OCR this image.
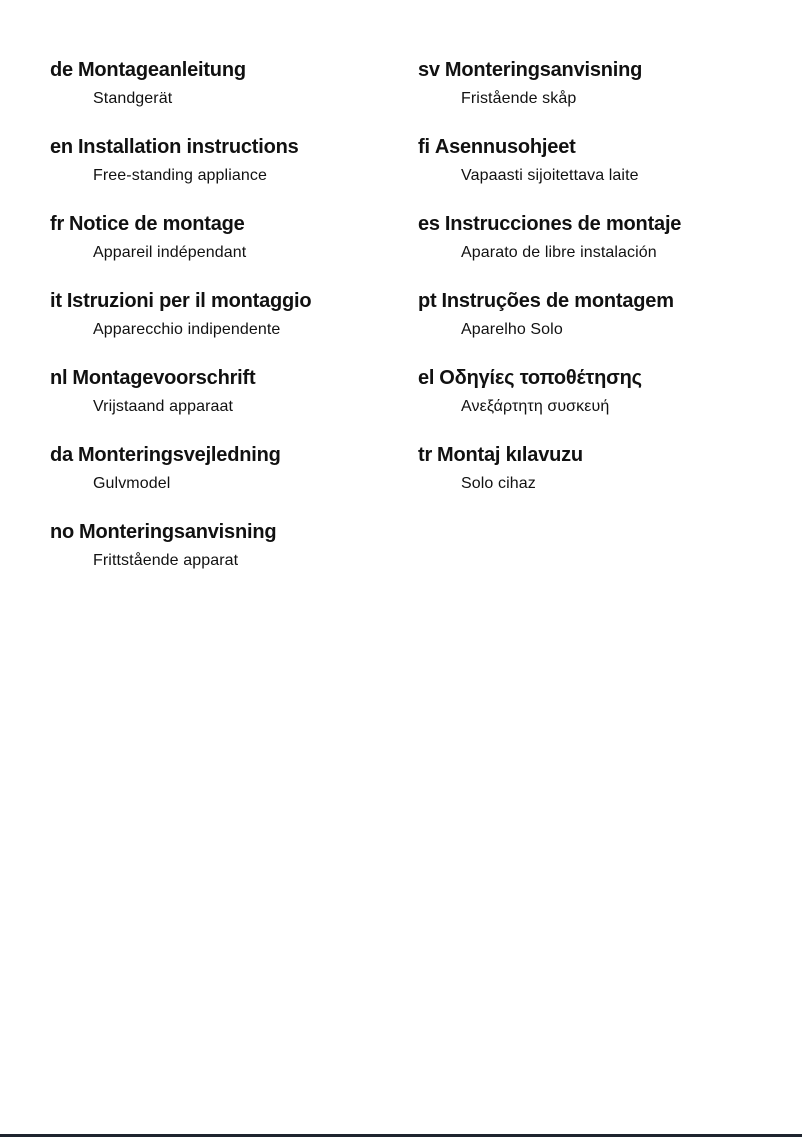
de Montageanleitung
Standgerät
en Installation instructions
Free-standing appliance
fr Notice de montage
Appareil indépendant
it Istruzioni per il montaggio
Apparecchio indipendente
nl Montagevoorschrift
Vrijstaand apparaat
da Monteringsvejledning
Gulvmodel
no Monteringsanvisning
Frittstående apparat
sv Monteringsanvisning
Fristående skåp
fi Asennusohjeet
Vapaasti sijoitettava laite
es Instrucciones de montaje
Aparato de libre instalación
pt Instruções de montagem
Aparelho Solo
el Οδηγίες τοποθέτησης
Ανεξάρτητη συσκευή
tr Montaj kılavuzu
Solo cihaz
